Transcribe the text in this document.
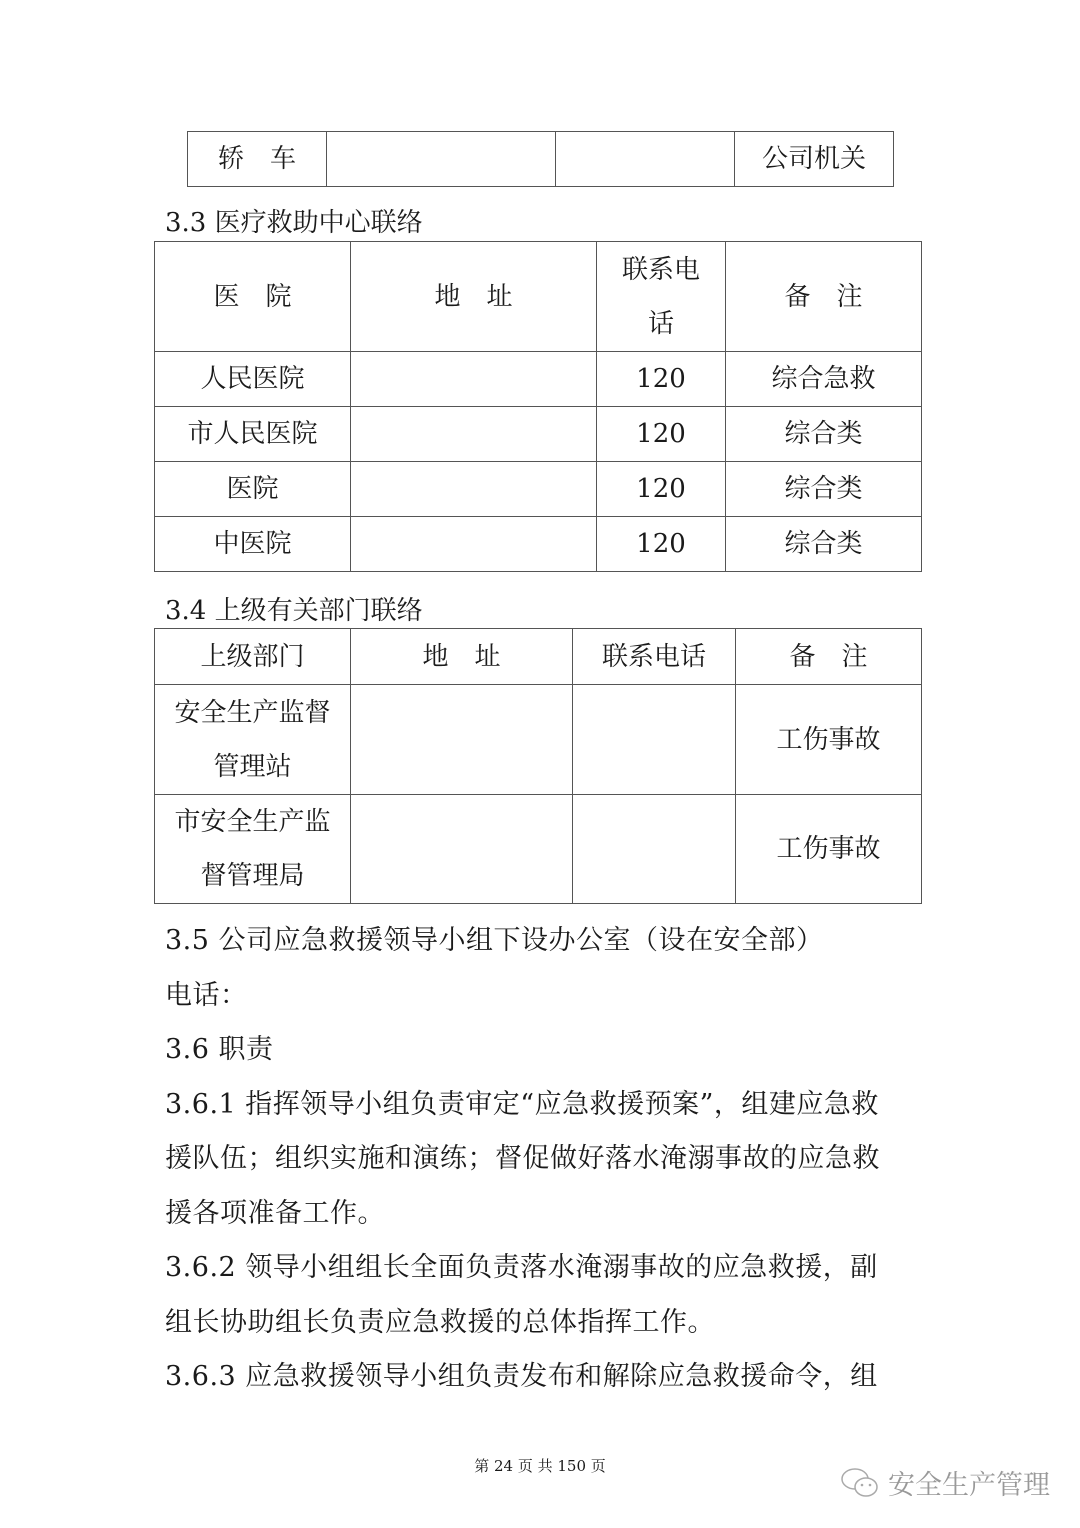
轿　车			公司机关
3.3 医疗救助中心联络
医　院	地　址	联系电话	备　注
人民医院		120	综合急救
市人民医院		120	综合类
医院		120	综合类
中医院		120	综合类
3.4 上级有关部门联络
上级部门	地　址	联系电话	备　注
安全生产监督管理站			工伤事故
市安全生产监督管理局			工伤事故
3.5 公司应急救援领导小组下设办公室（设在安全部）
电话：
3.6 职责
3.6.1 指挥领导小组负责审定“应急救援预案”，组建应急救
援队伍；组织实施和演练；督促做好落水淹溺事故的应急救
援各项准备工作。
3.6.2 领导小组组长全面负责落水淹溺事故的应急救援，副
组长协助组长负责应急救援的总体指挥工作。
3.6.3 应急救援领导小组负责发布和解除应急救援命令，组
第 24 页 共 150 页
安全生产管理
